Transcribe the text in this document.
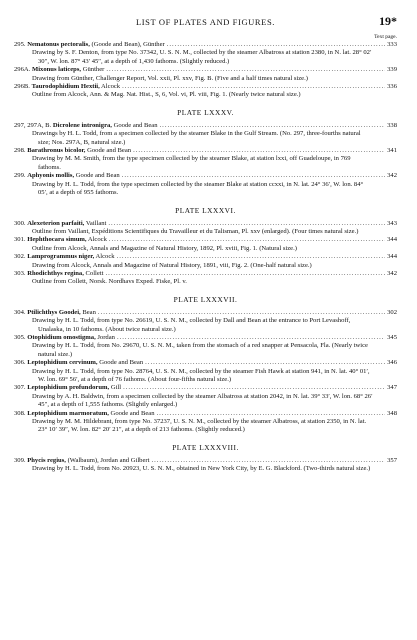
LIST OF PLATES AND FIGURES.	19*
Text page.
295. Nematonus pectoralis, (Goode and Bean), Günther .....	333
Drawing by S. F. Denton, from type No. 37342, U. S. N. M., collected by the steamer Albatross at station 2380, in N. lat. 28° 02′ 30″, W. lon. 87° 43′ 45″, at a depth of 1,430 fathoms. (Slightly reduced.)
296A. Mixonus laticeps, Günther .....	339
Drawing from Günther, Challenger Report, Vol. xxii, Pl. xxv, Fig. B. (Five and a half times natural size.)
296B. Taurodophidium Hextii, Alcock .....	336
Outline from Alcock, Ann. & Mag. Nat. Hist., S, 6, Vol. vi, Pl. viii, Fig. 1. (Nearly twice natural size.)
PLATE LXXXV.
297, 297A, B. Dicrolene intronigra, Goode and Bean .....	338
Drawings by H. L. Todd, from a specimen collected by the steamer Blake in the Gulf Stream. (No. 297, three-fourths natural size; Nos. 297A, B, natural size.)
298. Barathronus bicolor, Goode and Bean .....	341
Drawing by M. M. Smith, from the type specimen collected by the steamer Blake, at station lxxi, off Guadeloupe, in 769 fathoms.
299. Aphyonis mollis, Goode and Bean .....	342
Drawing by H. L. Todd, from the type specimen collected by the steamer Blake at station ccxxi, in N. lat. 24° 36′, W. lon. 84° 05′, at a depth of 955 fathoms.
PLATE LXXXVI.
300. Alexeterion parfaiti, Vaillant .....	343
Outline from Vaillant, Expéditions Scientifiques du Travailleur et du Talisman, Pl. xxv (enlarged). (Four times natural size.)
301. Hephthocara simum, Alcock .....	344
Outline from Alcock, Annals and Magazine of Natural History, 1892, Pl. xviii, Fig. 1. (Natural size.)
302. Lamprogrammus niger, Alcock .....	344
Drawing from Alcock, Annals and Magazine of Natural History, 1891, viii, Fig. 2. (One-half natural size.)
303. Rhodichthys regina, Collett .....	342
Outline from Collett, Norsk. Nordhavs Exped. Fiske, Pl. v.
PLATE LXXXVII.
304. Ptilichthys Goodei, Bean .....	302
Drawing by H. L. Todd, from type No. 26619, U. S. N. M., collected by Dall and Bean at the entrance to Port Levashoff, Unalaska, in 10 fathoms. (About twice natural size.)
305. Otophidium omostigma, Jordan .....	345
Drawing by H. L. Todd, from No. 29670, U. S. N. M., taken from the stomach of a red snapper at Pensacola, Fla. (Nearly twice natural size.)
306. Leptophidium cervinum, Goode and Bean .....	346
Drawing by H. L. Todd, from type No. 28764, U. S. N. M., collected by the steamer Fish Hawk at station 941, in N. lat. 40° 01′, W. lon. 69° 56′, at a depth of 76 fathoms. (About four-fifths natural size.)
307. Leptophidium profundorum, Gill .....	347
Drawing by A. H. Baldwin, from a specimen collected by the steamer Albatross at station 2042, in N. lat. 39° 33′, W. lon. 68° 26′ 45″, at a depth of 1,555 fathoms. (Slightly enlarged.)
308. Leptophidium marmoratum, Goode and Bean .....	348
Drawing by M. M. Hildebrant, from type No. 37237, U. S. N. M., collected by the steamer Albatross, at station 2350, in N. lat. 23° 10′ 39″, W. lon. 82° 20′ 21″, at a depth of 213 fathoms. (Slightly reduced.)
PLATE LXXXVIII.
309. Phycis regius, (Walbaum), Jordan and Gilbert .....	357
Drawing by H. L. Todd, from No. 20923, U. S. N. M., obtained in New York City, by E. G. Blackford. (Two-thirds natural size.)
